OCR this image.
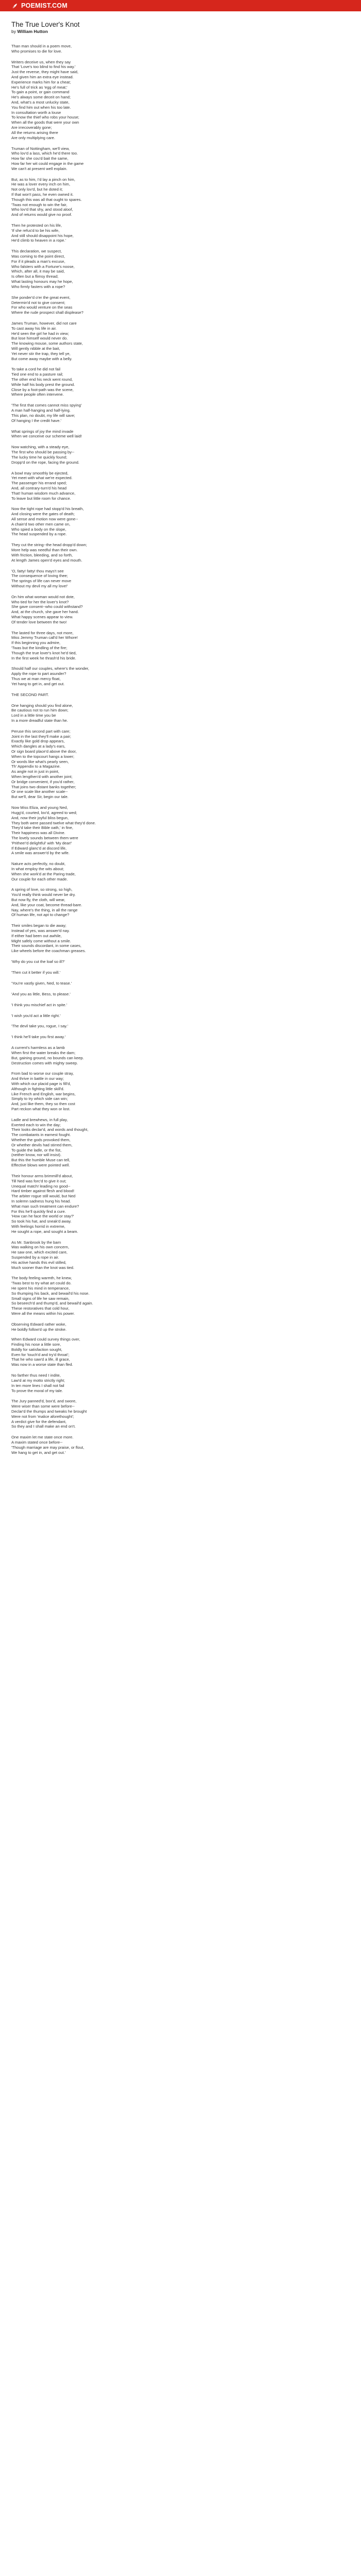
POEMIST.COM
The True Lover's Knot
by William Hutton
Than man should in a poem move,
Who promises to die for love.
Writers deceive us, when they say
That 'Love's too blind to find his way.'
Just the reverse, they might have said,
And given him an extra eye instead.
Experience marks him for a cheat;
He's full of trick as 'egg of meat;'
To gain a point, or gain command
He's always some deceit on hand;
And, what's a most unlucky state,
You find him out when his too late.
In consultation worth a louse
To know the thief who robs your house;
When all the goods that were your own
Are irrecoverably gone;
All the returns arising there
Are only multiplying care.
Truman of Nottingham, we'll view,
Who lov'd a lass, which he'd there too.
How far she cou'd bait the same,
How far her wit could engage in the game
We can't at present well explain.
But, as to him, I'd lay a pinch on him,
He was a lover every inch on him,
Not only lov'd, but he doted it;
If that won't pass, he even owned it.
Though this was all that ought to spares.
'Twas not enough to win the fair,
Who lov'd that shy, and stood aloof,
And of returns would give no proof.
Then he protested on his life,
'If she refus'd to be his wife,
And still should disappoint his hope,
He'd climb to heaven in a rope.'
This declaration, we suspect,
Was coming to the point direct,
For if it pleads a man's excuse,
Who falsters with a Fortune's noose,
Which, after all, it may be said,
Is often but a flimsy thread;
What lasting honours may he hope,
Who firmly fasters with a rope?
She ponder'd o'er the great event,
Determin'd not to give consent;
For who would venture on the seas
Where the rude prospect shall displease?
James Truman, however, did not care
To cast away his life in air.
He'd seen the girl he had in view;
But lose himself would never do.
The knowing mouse, some authors state,
Will gently nibble at the bait,
Yet never stir the trap, they tell ye,
But come away maybe with a belly.
To take a cord he did not fail
Tied one end to a pasture rail;
The other end his neck went round,
While half his body prest the ground.
Close by a foot-path was the scene,
Where people often intervene.
'The first that comes cannot miss spying'
A man half-hanging and half-lying.
This plan, no doubt, my life will save;
Of hanging I the credit have.'
What springs of joy the mind invade
When we conceive our scheme well laid!
Now watching, with a steady eye,
The first who should be passing by--
The lucky time he quickly found;
Dropp'd on the rope, facing the ground.
A bowl may smoothly be ejected,
Yet meet with what we're expected.
The passenger his errand sped;
And, all contrary-turn'd his head
That! human wisdom much advance,
To leave but little room for chance.
Now the tight rope had stopp'd his breath,
And closing were the gates of death;
All sense and motion now were gone--
A chain'd two other men came on,
Who spied a body on the slope,
The head suspended by a rope.
They cut the string--the head dropp'd down;
More help was needful than their own.
With friction, bleeding, and so forth,
At length James open'd eyes and mouth.
'O, fatty! fatty! thou mays't see
The consequence of loving thee;
The springs of life can never move
Without my devil my all my love!'
On him what woman would not dote,
Who tied for her the lover's knot?
She gave consent--who could withstand?
And, at the church, she gave her hand.
What happy scenes appear to view.
Of tender love between the two!
The lasted for three days, not more,
Miss Jemmy Truman call'd her Whore!
If this beginning you admire,
'Twas but the kindling of the fire;
Though the true lover's knot he'd tied,
In the first week he thrash'd his bride.
Should half our couples, where's the wonder,
Apply the rope to part asunder?
Thus we at man mercy float,
Yet hang to get in, and get out.
THE SECOND PART.
One hanging should you find alone,
Be cautious not to run him down;
Lord in a little time you be
In a more dreadful state than he.
Peruse this second part with care;
Joint in the last they'll make a pair;
Exactly like gold drop appears,
Which dangles at a lady's ears,
Or sign board place'd above the door,
When to the topcourt hangs a lower;
Or words like what's pearly seen,
Th' Appendix to a Magazine.
As angle not in just in point,
When lengthen'd with another joint;
Or bridge convenient, if you'd rather,
That joins two distant banks together;
Or one scale like another scale--
But we'll, dear Sir, begin our tale.
Now Miss Eliza, and young Ned,
Hugg'd, courted, lov'd, agreed to wed;
And, now their joyful bliss begun,
They both were passed twelve what they'd done.
They'd take their Bible oath,' in fine,
Their happiness was all Divine.
The lovely sounds between them were
'Prithee!'d delightful' with 'My dear!'
If Edward glanc'd at discord life,
A smile was answer'd by the wife.
Nature acts perfectly, no doubt,
In what employ the wits about;
When she work'd at the Paring trade,
Our couple for each other made.
A spring of love, so strong, so high,
You'd really think would never be dry.
But now fly, the cloth, will wear,
And, like your coat, become thread-bare.
Nay, where's the thing, in all the range
Of human life, not apt to change?
Their smiles began to die away;
Instead of yes, was answer'd nay.
If either had been out awhile,
Might safely come without a smile.
Their sounds discordant, in some cases,
Like wheels before the coachman greases.
'Why do you cut the loaf so ill?'
'Then cut it better if you will.'
'You're vastly given, Ned, to tease.'
'And you as little, Bess, to please.'
'I think you mischief act in spite.'
'I wish you'd act a little right.'
'The devil take you, rogue, I say.'
'I think he'll take you first away.'
A current's harmless as a lamb
When first the water breaks the dam;
But, gaining ground, no bounds can keep.
Destruction comes with mighty sweep.
From bad to worse our couple stray,
And thrive in battle in our way;
With which our placid page is fill'd,
Although in fighting little skill'd.
Like French and English, war begins,
Simply to try which side can win;
And, just like them, they so then cost
Part reckon what they won or lost.
Ladle and brewhews, in full play,
Exerted each to win the day;
Their looks declar'd, and words and thought,
The combatants in earnest fought.
Whether the gods provoked them,
Or whether devils had stirred them,
To guide the ladle, or the fist,
(neither know, nor will insist).
But this the humble Muse can tell,
Effective blows were pointed well.
Their honour arms brimmill'd about,
Till Ned was forc'd to give it out;
Unequal match! leading no good--
Hard timber against flesh and blood!
The arbiter rogue still would, but Ned
In solemn sadness hung his head.
What man such treatment can endure?
For this he'll quickly find a cure.
'How can he face the world or stay?'
So took his hat, and sneak'd away.
With feelings horrid in extreme,
He sought a rope, and sought a beam.
As Mr. Sanbrook by the barn
Was walking on his own concern,
He saw one, which excited care,
Suspended by a rope in air.
His active hands this evil stilled,
Much sooner than the knot was tied.
The body feeling warmth, he knew,
'Twas best to try what art could do.
He spent his mind in temperance,
So thumping his back, and bewail'd his nose.
Small signs of life he saw remain,
So beseech'd and thump'd, and bewail'd again.
These restoratives that cold hour,
Were all the means within his power.
Observing Edward rather woke,
He boldly follow'd up the stroke.

When Edward could survey things over,
Finding his nose a little sore,
Boldly for satisfaction sought,
Even for 'touch'd and try'd throat';
That he who saw'd a life, ill grace,
Was now in a worse state than fled.
No farther thus need I indite,
Law'd at my motto strictly right;
In ten more lines I shall not fail
To prove the moral of my tale.
The Jury panned'd, box'd, and swore,
Were wiser than some were before--
Declar'd the thumps and tweaks he brought
Were not from 'malice aforethought';
A verdict give for the defendant,
So they and I shall make an end on't.
One maxim let me state once more.
A maxim stated once before--
'Though marriage are may praise, or flout,
We hang to get in, and get out.'
